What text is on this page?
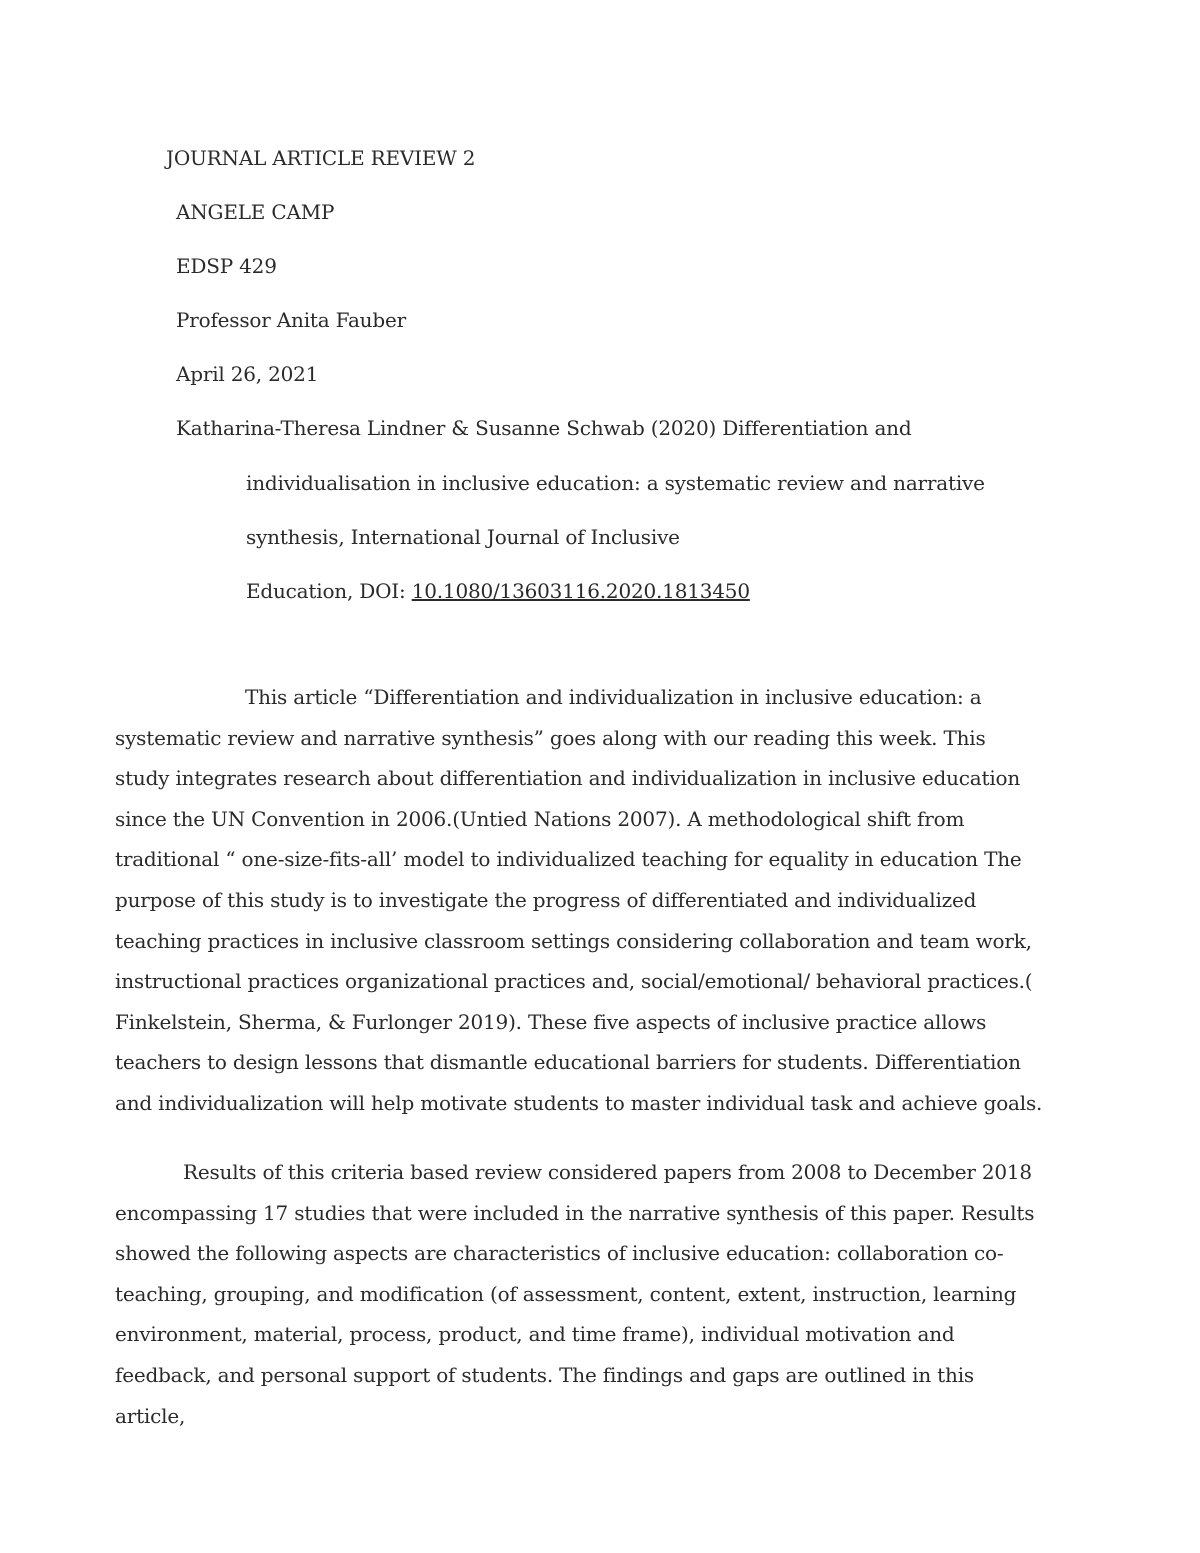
JOURNAL ARTICLE REVIEW 2
ANGELE CAMP
EDSP 429
Professor Anita Fauber
April 26, 2021
Katharina-Theresa Lindner & Susanne Schwab (2020) Differentiation and
individualisation in inclusive education: a systematic review and narrative
synthesis, International Journal of Inclusive
Education, DOI: 10.1080/13603116.2020.1813450

This article “Differentiation and individualization in inclusive education: a systematic review and narrative synthesis” goes along with our reading this week. This study integrates research about differentiation and individualization in inclusive education since the UN Convention in 2006.(Untied Nations 2007). A methodological shift from traditional “ one-size-fits-all’ model to individualized teaching for equality in education The purpose of this study is to investigate the progress of differentiated and individualized teaching practices in inclusive classroom settings considering collaboration and team work, instructional practices organizational practices and, social/emotional/ behavioral practices.( Finkelstein, Sherma, & Furlonger 2019). These five aspects of inclusive practice allows teachers to design lessons that dismantle educational barriers for students. Differentiation and individualization will help motivate students to master individual task and achieve goals.

Results of this criteria based review considered papers from 2008 to December 2018 encompassing 17 studies that were included in the narrative synthesis of this paper. Results showed the following aspects are characteristics of inclusive education: collaboration co-teaching, grouping, and modification (of assessment, content, extent, instruction, learning environment, material, process, product, and time frame), individual motivation and feedback, and personal support of students. The findings and gaps are outlined in this article,
